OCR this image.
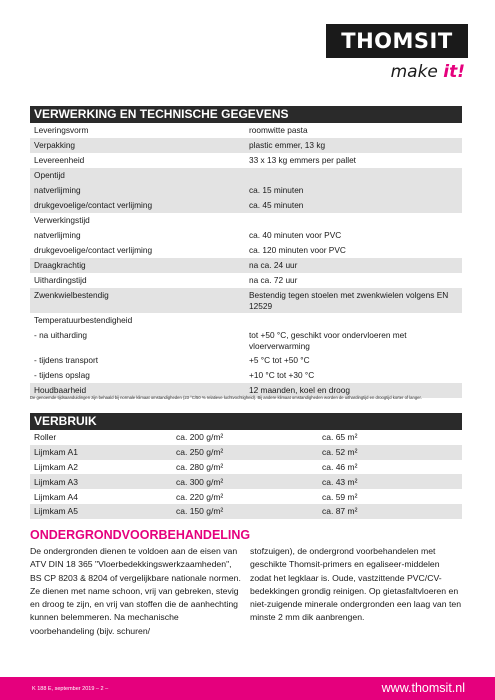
THOMSIT
make it!
VERWERKING EN TECHNISCHE GEGEVENS
Leveringsvorm	roomwitte pasta
Verpakking	plastic emmer, 13 kg
Levereenheid	33 x 13 kg emmers per pallet
Opentijd	
natverlijming	ca. 15 minuten
drukgevoelige/contact verlijming	ca. 45 minuten
Verwerkingstijd	
natverlijming	ca. 40 minuten voor PVC
drukgevoelige/contact verlijming	ca. 120 minuten voor PVC
Draagkrachtig	na ca. 24 uur
Uithardingstijd	na ca. 72 uur
Zwenkwielbestendig	Bestendig tegen stoelen met zwenkwielen volgens EN 12529
Temperatuurbestendigheid	
- na uitharding	tot +50 °C, geschikt voor ondervloeren met vloerverwarming
- tijdens transport	+5 °C tot +50 °C
- tijdens opslag	+10 °C tot +30 °C
Houdbaarheid	12 maanden, koel en droog
De genoemde tijdsaanduidingen zijn behaald bij normale klimaat omstandigheden (23 °C/50 % relatieve luchtvochtigheid). Bij andere klimaat omstandigheden worden de uithardingtijd en droogtijd korter of langer.
VERBRUIK
Roller	ca. 200 g/m²	ca. 65 m²
Lijmkam A1	ca. 250 g/m²	ca. 52 m²
Lijmkam A2	ca. 280 g/m²	ca. 46 m²
Lijmkam A3	ca. 300 g/m²	ca. 43 m²
Lijmkam A4	ca. 220 g/m²	ca. 59 m²
Lijmkam A5	ca. 150 g/m²	ca. 87 m²
ONDERGRONDVOORBEHANDELING
De ondergronden dienen te voldoen aan de eisen van ATV DIN 18 365 "Vloerbedekkingswerkzaamheden", BS CP 8203 & 8204 of vergelijkbare nationale normen. Ze dienen met name schoon, vrij van gebreken, stevig en droog te zijn, en vrij van stoffen die de aanhechting kunnen belemmeren. Na mechanische voorbehandeling (bijv. schuren/
stofzuigen), de ondergrond voorbehandelen met geschikte Thomsit-primers en egaliseer-middelen zodat het legklaar is. Oude, vastzittende PVC/CV-bedekkingen grondig reinigen. Op gietasfaltvloeren en niet-zuigende minerale ondergronden een laag van ten minste 2 mm dik aanbrengen.
K 188 E, september 2019 – 2 –	www.thomsit.nl
